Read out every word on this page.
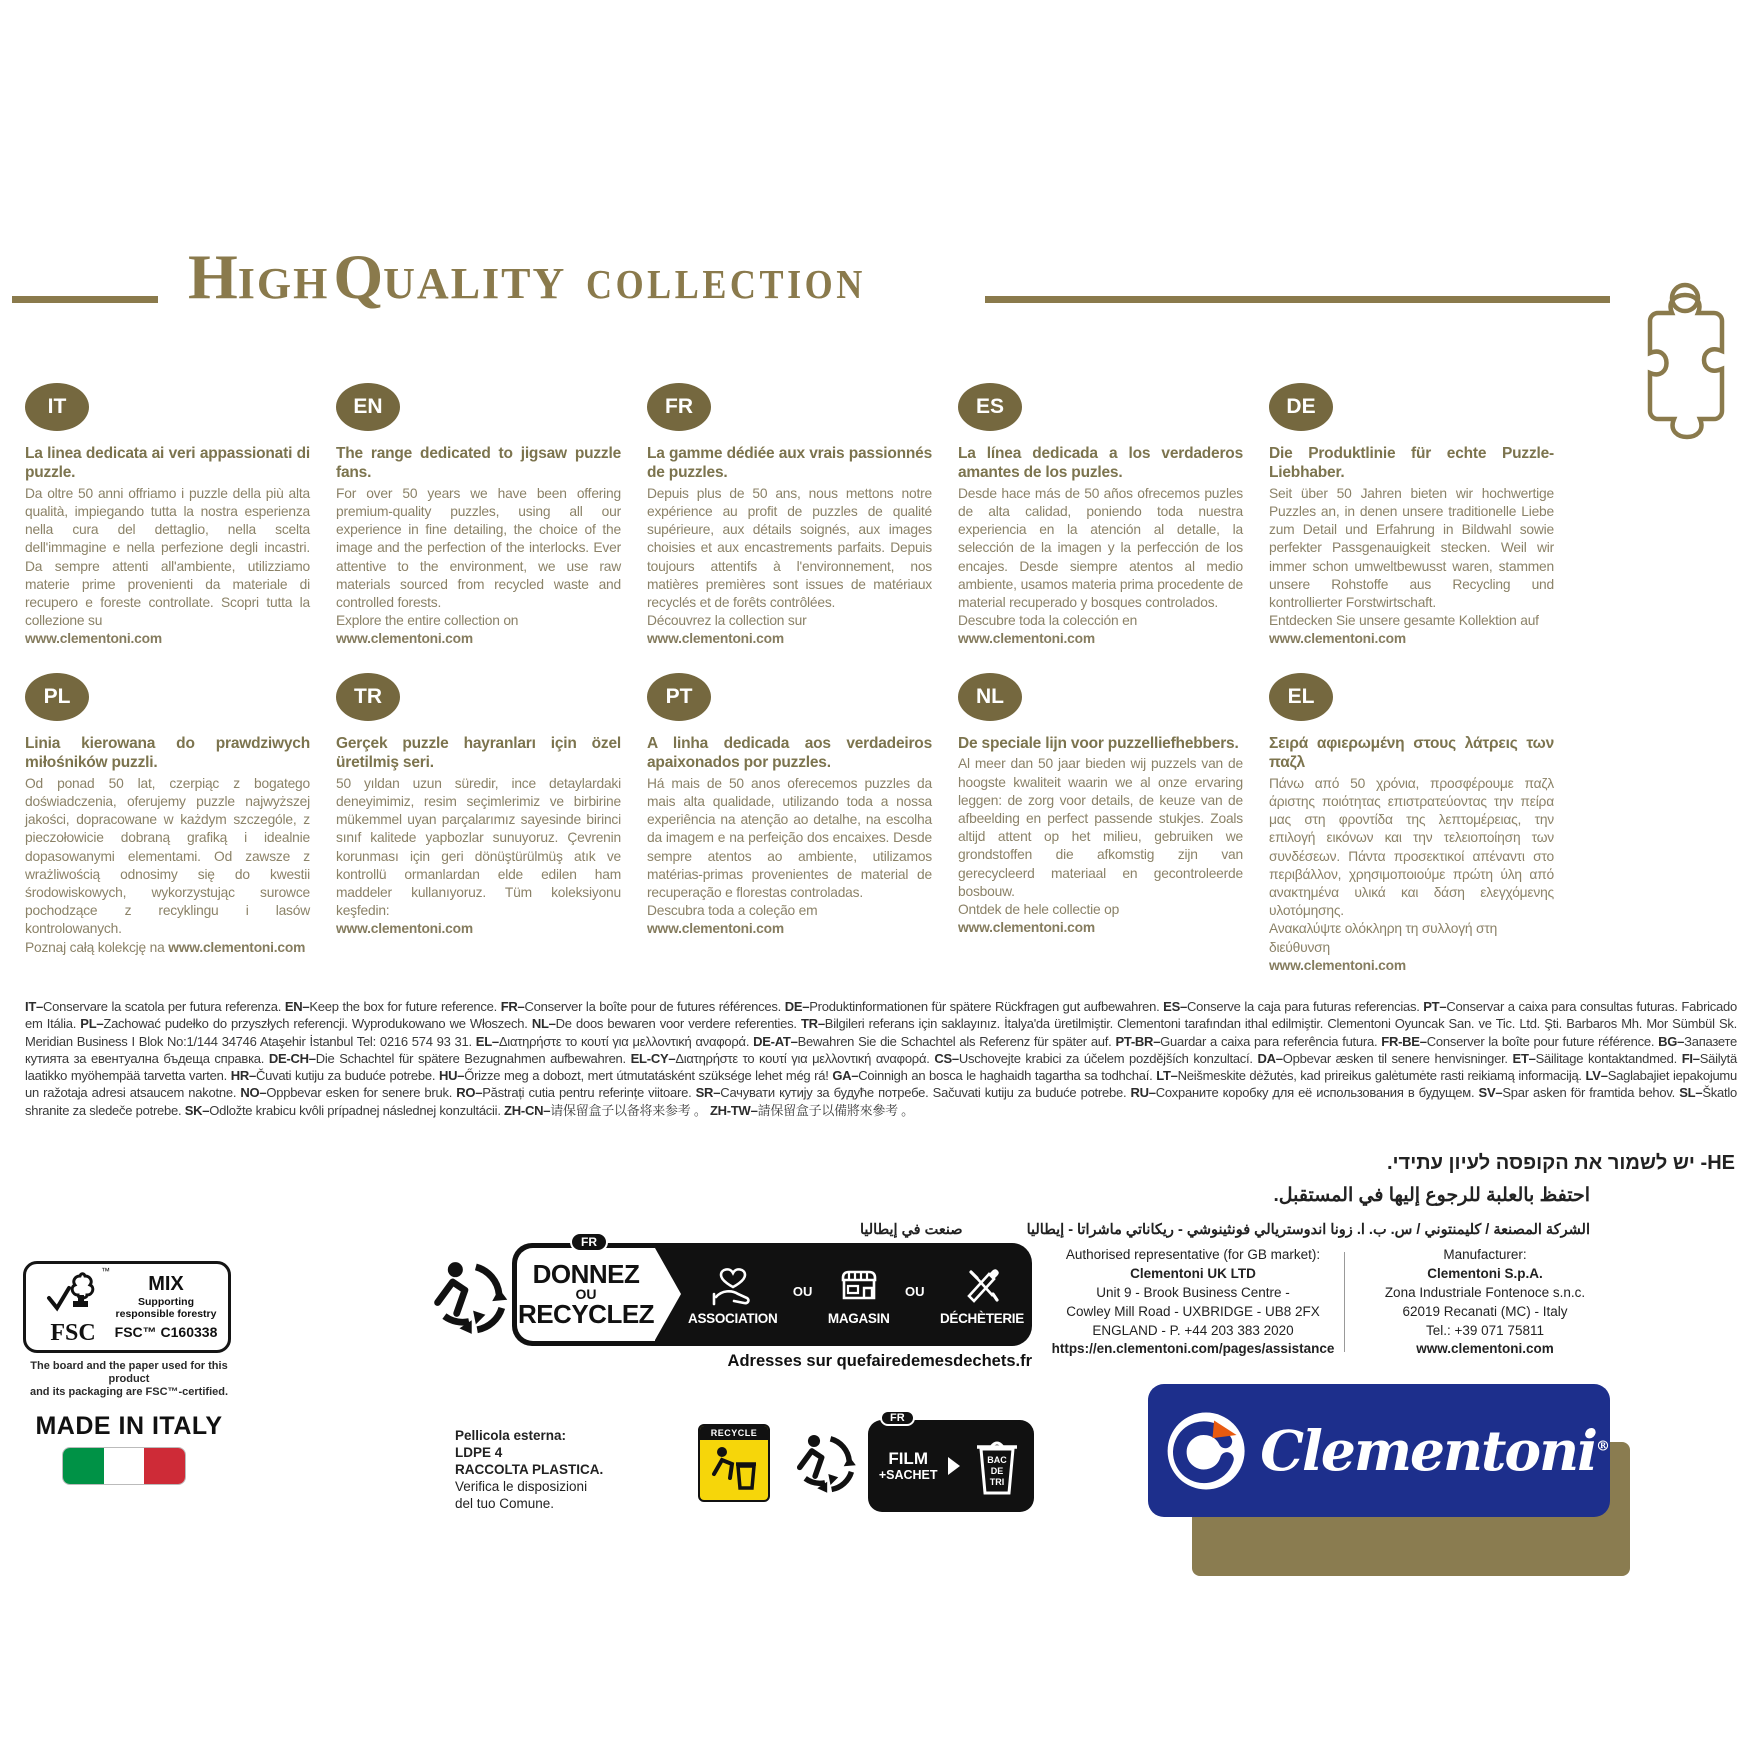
HIGH QUALITY COLLECTION
IT
La linea dedicata ai veri appassionati di puzzle.
Da oltre 50 anni offriamo i puzzle della più alta qualità, impiegando tutta la nostra esperienza nella cura del dettaglio, nella scelta dell'immagine e nella perfezione degli incastri. Da sempre attenti all'ambiente, utilizziamo materie prime provenienti da materiale di recupero e foreste controllate. Scopri tutta la collezione su
www.clementoni.com
EN
The range dedicated to jigsaw puzzle fans.
For over 50 years we have been offering premium-quality puzzles, using all our experience in fine detailing, the choice of the image and the perfection of the interlocks. Ever attentive to the environment, we use raw materials sourced from recycled waste and controlled forests.
Explore the entire collection on
www.clementoni.com
FR
La gamme dédiée aux vrais passionnés de puzzles.
Depuis plus de 50 ans, nous mettons notre expérience au profit de puzzles de qualité supérieure, aux détails soignés, aux images choisies et aux encastrements parfaits. Depuis toujours attentifs à l'environnement, nos matières premières sont issues de matériaux recyclés et de forêts contrôlées.
Découvrez la collection sur www.clementoni.com
ES
La línea dedicada a los verdaderos amantes de los puzles.
Desde hace más de 50 años ofrecemos puzles de alta calidad, poniendo toda nuestra experiencia en la atención al detalle, la selección de la imagen y la perfección de los encajes. Desde siempre atentos al medio ambiente, usamos materia prima procedente de material recuperado y bosques controlados.
Descubre toda la colección en www.clementoni.com
DE
Die Produktlinie für echte Puzzle- Liebhaber.
Seit über 50 Jahren bieten wir hochwertige Puzzles an, in denen unsere traditionelle Liebe zum Detail und Erfahrung in Bildwahl sowie perfekter Passgenauigkeit stecken. Weil wir immer schon umweltbewusst waren, stammen unsere Rohstoffe aus Recycling und kontrollierter Forstwirtschaft.
Entdecken Sie unsere gesamte Kollektion auf
www.clementoni.com
PL
Linia kierowana do prawdziwych miłośników puzzli.
Od ponad 50 lat, czerpiąc z bogatego doświadczenia, oferujemy puzzle najwyższej jakości, dopracowane w każdym szczególe, z pieczołowicie dobraną grafiką i idealnie dopasowanymi elementami. Od zawsze z wrażliwością odnosimy się do kwestii środowiskowych, wykorzystując surowce pochodzące z recyklingu i lasów kontrolowanych.
Poznaj całą kolekcję na www.clementoni.com
TR
Gerçek puzzle hayranları için özel üretilmiş seri.
50 yıldan uzun süredir, ince detaylardaki deneyimimiz, resim seçimlerimiz ve birbirine mükemmel uyan parçalarımız sayesinde birinci sınıf kalitede yapbozlar sunuyoruz. Çevrenin korunması için geri dönüştürülmüş atık ve kontrollü ormanlardan elde edilen ham maddeler kullanıyoruz. Tüm koleksiyonu keşfedin:
www.clementoni.com
PT
A linha dedicada aos verdadeiros apaixonados por puzzles.
Há mais de 50 anos oferecemos puzzles da mais alta qualidade, utilizando toda a nossa experiência na atenção ao detalhe, na escolha da imagem e na perfeição dos encaixes. Desde sempre atentos ao ambiente, utilizamos matérias-primas provenientes de material de recuperação e florestas controladas.
Descubra toda a coleção em
www.clementoni.com
NL
De speciale lijn voor puzzelliefhebbers.
Al meer dan 50 jaar bieden wij puzzels van de hoogste kwaliteit waarin we al onze ervaring leggen: de zorg voor details, de keuze van de afbeelding en perfect passende stukjes. Zoals altijd attent op het milieu, gebruiken we grondstoffen die afkomstig zijn van gerecycleerd materiaal en gecontroleerde bosbouw.
Ontdek de hele collectie op
www.clementoni.com
EL
Σειρά αφιερωμένη στους λάτρεις των παζλ
Πάνω από 50 χρόνια, προσφέρουμε παζλ άριστης ποιότητας επιστρατεύοντας την πείρα μας στη φροντίδα της λεπτομέρειας, την επιλογή εικόνων και την τελειοποίηση των συνδέσεων. Πάντα προσεκτικοί απέναντι στο περιβάλλον, χρησιμοποιούμε πρώτη ύλη από ανακτημένα υλικά και δάση ελεγχόμενης υλοτόμησης.
Ανακαλύψτε ολόκληρη τη συλλογή στη διεύθυνση
www.clementoni.com
IT–Conservare la scatola per futura referenza. EN–Keep the box for future reference. FR–Conserver la boîte pour de futures références. DE–Produktinformationen für spätere Rückfragen gut aufbewahren. ES–Conserve la caja para futuras referencias. PT–Conservar a caixa para consultas futuras. Fabricado em Itália. PL–Zachować pudełko do przyszłych referencji. Wyprodukowano we Włoszech. NL–De doos bewaren voor verdere referenties. TR–Bilgileri referans için saklayınız. İtalya'da üretilmiştir. Clementoni tarafından ithal edilmiştir. Clementoni Oyuncak San. ve Tic. Ltd. Şti. Barbaros Mh. Mor Sümbül Sk. Meridian Business I Blok No:1/144 34746 Ataşehir İstanbul Tel: 0216 574 93 31. EL–Διατηρήστε το κουτί για μελλοντική αναφορά. DE-AT–Bewahren Sie die Schachtel als Referenz für später auf. PT-BR–Guardar a caixa para referência futura. FR-BE–Conserver la boîte pour future référence. BG–Запазете кутията за евентуална бъдеща справка. DE-CH–Die Schachtel für spätere Bezugnahmen aufbewahren. EL-CY–Διατηρήστε το κουτί για μελλοντική αναφορά. CS–Uschovejte krabici za účelem pozdějších konzultací. DA–Opbevar æsken til senere henvisninger. ET–Säilitage kontaktandmed. FI–Säilytä laatikko myöhempää tarvetta varten. HR–Čuvati kutiju za buduće potrebe. HU–Őrizze meg a dobozt, mert útmutatásként szüksége lehet még rá! GA–Coinnigh an bosca le haghaidh tagartha sa todhchaí. LT–Neišmeskite dėžutės, kad prireikus galėtumėte rasti reikiamą informaciją. LV–Saglabajiet iepakojumu un ražotaja adresi atsaucem nakotne. NO–Oppbevar esken for senere bruk. RO–Păstrați cutia pentru referințe viitoare. SR–Сачувати кутију за будуће потребе. Sačuvati kutiju za buduće potrebe. RU–Сохраните коробку для её использования в будущем. SV–Spar asken för framtida behov. SL–Škatlo shranite za sledeče potrebe. SK–Odložte krabicu kvôli prípadnej následnej konzultácii. ZH-CN–请保留盒子以备将来参考 。 ZH-TW–請保留盒子以備將來參考 。
HE- יש לשמור את הקופסה לעיון עתידי.
احتفظ بالعلبة للرجوع إليها في المستقبل.
الشركة المصنعة / كليمنتوني / س. ب. ا. زونا اندوستريالي فونثينوشي - ريكاناتي ماشراتا - إيطاليا صنعت في إيطاليا
™
FSC
MIX
Supporting responsible forestry
FSC™ C160338
The board and the paper used for this product
and its packaging are FSC™-certified.
MADE IN ITALY
FR
DONNEZ
OU
RECYCLEZ	ASSOCIATION
OU
MAGASIN
OU
DÉCHÈTERIE
Adresses sur quefairedemesdechets.fr
Pellicola esterna:
LDPE 4
RACCOLTA PLASTICA.
Verifica le disposizioni
del tuo Comune.
RECYCLE
FR
FILM
+SACHET
BAC
DE
TRI
Authorised representative (for GB market):
Clementoni UK LTD
Unit 9 - Brook Business Centre -
Cowley Mill Road - UXBRIDGE - UB8 2FX
ENGLAND - P. +44 203 383 2020
https://en.clementoni.com/pages/assistance
Manufacturer:
Clementoni S.p.A.
Zona Industriale Fontenoce s.n.c.
62019 Recanati (MC) - Italy
Tel.: +39 071 75811
www.clementoni.com
Clementoni®
